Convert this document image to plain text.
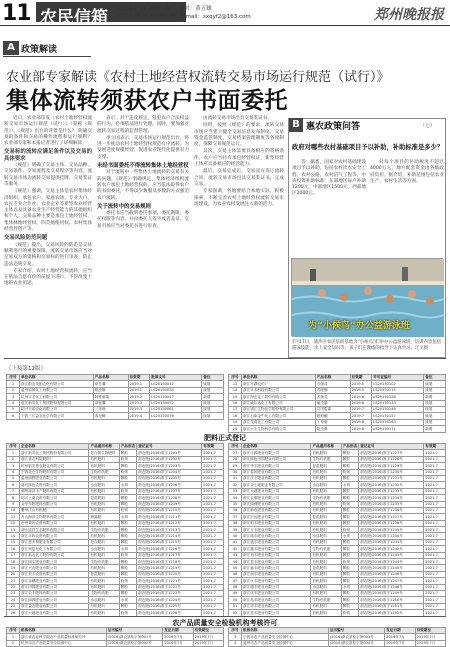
11 农民信箱 2016.7.23 编辑：徐兰 校对：黄五雄
电话：0571-86757150 E-mail：sxqyf2@163.com	郑州晚报报
A 政策解读
农业部专家解读《农村土地经营权流转交易市场运行规范（试行）》
集体流转须获农户书面委托

近日，农业部印发《农村土地经营权流转交易市场运行规范（试行）》（简称《规范》）。《规范》出台的背景是什么？ 明确交易的条件和交易的操作流程和运行规则？ 农业部专家和本报记者进行了详细解读。

交易标的流转应满足条件以及交易的具体要求

《规范》明确了交易主体、交易品种、交易条件、交易流程及交易程序等内容。流转交易市场为流转交易提供挂牌、交易鉴证等服务。

《规范》强调，交易主体是农村集体经济组织、承包农户、家庭农场、专业大户、农民专业合作社、农业企业等新型农业经营主体以及具备农业生产经营能力的其他组织和个人。交易品种主要是承包土地经营权、集体林地经营权、四荒地使用权、农村集体经营性资产等。

交易风险防范问题

《规范》提出，交易风险的防范是交易顺利进行的重要保障，流转交易市场应当对交易双方的资格和交易标的进行审查，防止违法违规交易。

专家介绍，农村土地经营权流转，应当在依法自愿有偿的前提下进行，不得改变土地的农业用途。

表示，对于违反规定，侵犯农户合法权益的行为，必须依法进行处理。同时，要加强对流转交易过程的监督管理。

李立国表示，交易市场运行规范出台，将进一步推动农村土地经营权规范有序流转，为发展适度规模经营、促进农业现代化提供有力支撑。

未经书面委托不得流转集体土地经营权

对于流转中一些集体土地流转的交易有关的问题，《规范》明确规定，集体经济组织流转农户承包土地经营权的，应当依法取得农户的书面委托，不得以少数服从多数的方式强迫农户流转。

关于流转中的交易规则

委托书应当载明委托事项、委托期限、委托权限等内容，并由委托人签字或者盖章。交易市场应当对委托书进行审查。

由流转交易市场出具交易鉴证书。

同时，按照《规范》的要求，流转交易市场应当建立健全交易信息发布制度、交易资金监管制度、交易档案管理制度等各项制度，保障交易规范运行。

其次，交易主体需要具备相应的资格条件，农户应当持有承包经营权证，新型经营主体应具备相应的经营能力。

最后，交易完成后，交易双方签订流转合同，流转交易市场出具交易鉴证书，完成交易。

专家强调，各地要结合本地实际，积极探索，不断完善农村土地经营权流转交易市场建设，为农业农村发展注入新的活力。

B 惠农政策问答	（七）
政府对哪些农村基础项目予以补助，补助标准是多少？

答：据悉，国家对农村基础建设项目予以补助，包括农村饮水安全工程、农村公路、农村沼气工程等。中央投资补助标准：东部地区每户补助1200元，中部地区1500元，西部地区2000元。

对每个项目的补助额度不超过4000万元。地方配套资金由各级政府负担。据介绍，补助范围包括农业生产、农村生活等方面。

为“小候鸟”办公益游泳班
7月17日，浦沙区农民培训基地为“小候鸟”们举办公益游泳班，培训内容包括游泳技能、水上安全知识等。孩子们在教练的指导下认真学习。江文摄
（上接第12版）
序号	单位名称	产品名称	有效期	批准文号	备注
1	浙江浙农茂阳农化有限公司	草甘膦	2019.1	LS20150012	续展
2	温州原种化工有限公司	吡虫啉	2019.1	LS20150035	续展
3	杭州宇龙化工有限公司	阿维菌素	2019.2	LS20150047	新增
4	浙江新安化工集团股份有限公司	草铵膦	2019.3	LS20150052	续展
5	绍兴天诺农化有限公司	三环唑	2019.3	LS20150061	续展
6	宁波三江益农化学有限公司	毒死蜱	2019.4	LS20150078	续展
序号	单位名称	产品名称	有效期	许可证编号	备注
13	浙江平湖农药厂	百菌清	2019.5	LS20150102	续展
14	浙江禾本科技有限公司	戊唑醇	2019.5	LS20150115	续展
15	浙江海正化工股份有限公司	多菌灵	2019.6	LS20150128	新增
16	浙江威尔达化工有限公司	氟虫腈	2019.6	LS20150133	续展
17	浙江钱江生物化学股份有限公司	井冈霉素	2019.7	LS20150146	续展
18	浙江石原金牛化工有限公司	吡蚜酮	2019.7	LS20150157	续展
19	浙江龙湾化工有限公司	丁草胺	2019.8	LS20150163	续展
20	浙江天丰生物科学有限公司	啶虫脒	2019.8	LS20150171	新增
肥料正式登记
序号	企业名称	产品通用名称	产品形态	登记证号	有效期
1	浙江新安化工集团股份有限公司	复合微生物肥料	颗粒	浙农肥(2016)准字1201号	2021.7
2	浙江省农科院肥料厂	有机肥料	粉剂	浙农肥(2016)准字1202号	2021.7
3	杭州临安惠农肥业有限公司	有机肥料	颗粒	浙农肥(2016)准字1203号	2021.7
4	宁波北仑生物肥料有限公司	生物有机肥	粉剂	浙农肥(2016)准字1204号	2021.7
5	温州绿野肥业有限公司	有机肥料	颗粒	浙农肥(2016)准字1205号	2021.7
6	嘉兴绿色农资有限公司	水溶肥料	水剂	浙农肥(2016)准字1206号	2021.7
7	湖州南浔丰产肥料有限公司	有机肥料	粉剂	浙农肥(2016)准字1207号	2021.7
8	绍兴上虞农资有限公司	复混肥料	颗粒	浙农肥(2016)准字1208号	2021.7
9	金华东阳肥料有限公司	有机肥料	颗粒	浙农肥(2016)准字1209号	2021.7
10	衢州江山有机肥厂	有机肥料	粉剂	浙农肥(2016)准字1210号	2021.7
11	舟山海洋生物肥料有限公司	海藻肥	水剂	浙农肥(2016)准字1211号	2021.7
12	台州黄岩农资有限公司	有机肥料	颗粒	浙农肥(2016)准字1212号	2021.7
13	丽水遂昌生态肥料有限公司	生物有机肥	颗粒	浙农肥(2016)准字1213号	2021.7
14	浙江丰收农资有限公司	有机肥料	颗粒	浙农肥(2016)准字1214号	2021.7
15	浙江惠多利肥业有限公司	复合肥料	颗粒	浙农肥(2016)准字1215号	2021.7
16	浙江奥复托化工有限公司	水溶肥料	水剂	浙农肥(2016)准字1216号	2021.7
17	浙江新农化工股份有限公司	有机肥料	粉剂	浙农肥(2016)准字1217号	2021.7
18	浙江绿宝肥业有限公司	生物有机肥	颗粒	浙农肥(2016)准字1218号	2021.7
19	浙江兴农肥业有限公司	有机肥料	颗粒	浙农肥(2016)准字1219号	2021.7
20	浙江美丰农资有限公司	复混肥料	颗粒	浙农肥(2016)准字1220号	2021.7
21	浙江金穗肥业有限公司	有机肥料	粉剂	浙农肥(2016)准字1221号	2021.7
22	浙江田园肥业有限公司	有机肥料	颗粒	浙农肥(2016)准字1222号	2021.7
23	浙江农丰肥料有限公司	生物有机肥	颗粒	浙农肥(2016)准字1223号	2021.7
24	浙江绿源肥业有限公司	水溶肥料	水剂	浙农肥(2016)准字1224号	2021.7
25	浙江益农肥业有限公司	有机肥料	颗粒	浙农肥(2016)准字1225号	2021.7
26	浙江天地肥业有限公司	有机肥料	粉剂	浙农肥(2016)准字1226号	2021.7
序号	企业名称	产品通用名称	产品形态	登记证号	有效期
27	浙江丰源肥业有限公司	有机肥料	颗粒	浙农肥(2016)准字1227号	2021.7
28	浙江绿色田园肥业有限公司	生物有机肥	颗粒	浙农肥(2016)准字1228号	2021.7
29	浙江华丰肥业有限公司	复混肥料	颗粒	浙农肥(2016)准字1229号	2021.7
30	浙江春风肥业有限公司	有机肥料	粉剂	浙农肥(2016)准字1230号	2021.7
31	浙江沃土肥业有限公司	有机肥料	颗粒	浙农肥(2016)准字1231号	2021.7
32	浙江金土地肥业有限公司	水溶肥料	水剂	浙农肥(2016)准字1232号	2021.7
33	浙江大地肥业有限公司	有机肥料	颗粒	浙农肥(2016)准字1233号	2021.7
34	浙江农康肥业有限公司	生物有机肥	颗粒	浙农肥(2016)准字1234号	2021.7
35	浙江绿洲肥业有限公司	有机肥料	粉剂	浙农肥(2016)准字1235号	2021.7
36	浙江新农肥业有限公司	有机肥料	颗粒	浙农肥(2016)准字1236号	2021.7
37	浙江宏达肥业有限公司	复混肥料	颗粒	浙农肥(2016)准字1237号	2021.7
38	浙江恒丰肥业有限公司	有机肥料	颗粒	浙农肥(2016)准字1238号	2021.7
39	浙江万丰肥业有限公司	有机肥料	粉剂	浙农肥(2016)准字1239号	2021.7
40	浙江瑞丰肥业有限公司	水溶肥料	水剂	浙农肥(2016)准字1240号	2021.7
41	浙江盛丰肥业有限公司	有机肥料	颗粒	浙农肥(2016)准字1241号	2021.7
42	浙江鑫丰肥业有限公司	生物有机肥	颗粒	浙农肥(2016)准字1242号	2021.7
43	浙江裕丰肥业有限公司	有机肥料	颗粒	浙农肥(2016)准字1243号	2021.7
44	浙江泰丰肥业有限公司	有机肥料	粉剂	浙农肥(2016)准字1244号	2021.7
45	浙江嘉丰肥业有限公司	复混肥料	颗粒	浙农肥(2016)准字1245号	2021.7
46	浙江润丰肥业有限公司	有机肥料	颗粒	浙农肥(2016)准字1246号	2021.7
47	浙江永丰肥业有限公司	有机肥料	颗粒	浙农肥(2016)准字1247号	2021.7
48	浙江德丰肥业有限公司	水溶肥料	水剂	浙农肥(2016)准字1248号	2021.7
49	浙江庆丰肥业有限公司	有机肥料	颗粒	浙农肥(2016)准字1249号	2021.7
50	浙江兆丰肥业有限公司	生物有机肥	颗粒	浙农肥(2016)准字1250号	2021.7
51	浙江祥丰肥业有限公司	有机肥料	颗粒	浙农肥(2016)准字1251号	2021.7
52	浙江富丰肥业有限公司	有机肥料	粉剂	浙农肥(2016)准字1252号	2021.7
农产品质量安全检验机构考核许可
序号	机构名称	证书编号	发证日期	有效期至
1	浙江省农业科学院农产品质量标准研究所	(2016)浙农质检字第001号	2016年7月	2019年7月
2	杭州市农产品质量安全检测中心	(2016)浙农质检字第002号	2016年7月	2019年7月
序号	机构名称	证书编号	发证日期	有效期至
3	宁波市农产品质量安全检测中心	(2016)浙农质检字第003号	2016年7月	2019年7月
4	温州市农产品质量安全检测中心	(2016)浙农质检字第004号	2016年7月	2019年7月
